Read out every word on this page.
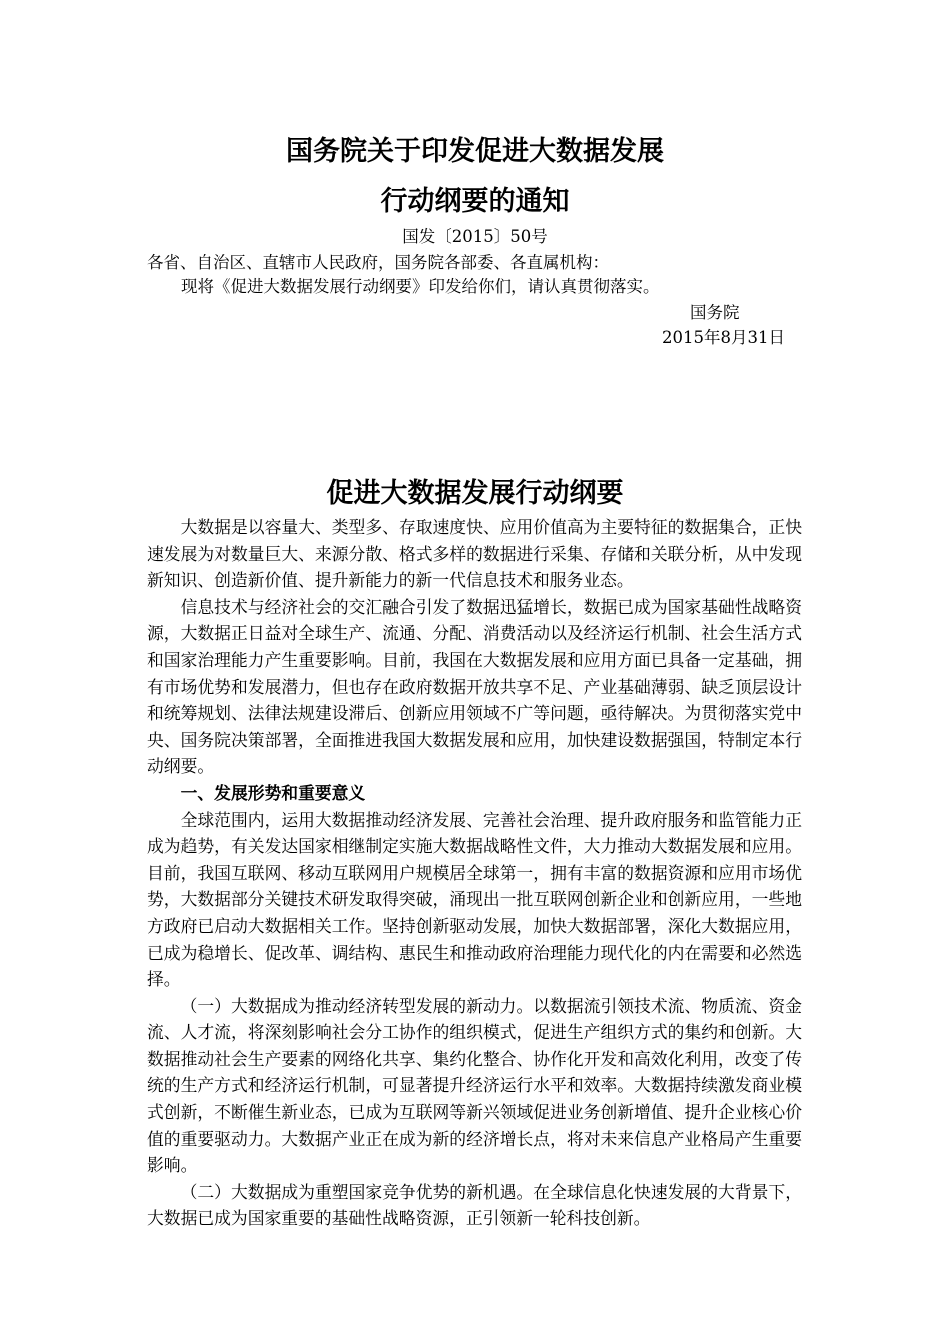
国务院关于印发促进大数据发展
行动纲要的通知
国发〔2015〕50号
各省、自治区、直辖市人民政府，国务院各部委、各直属机构：
现将《促进大数据发展行动纲要》印发给你们，请认真贯彻落实。
国务院
2015年8月31日
促进大数据发展行动纲要

大数据是以容量大、类型多、存取速度快、应用价值高为主要特征的数据集合，正快速发展为对数量巨大、来源分散、格式多样的数据进行采集、存储和关联分析，从中发现新知识、创造新价值、提升新能力的新一代信息技术和服务业态。

信息技术与经济社会的交汇融合引发了数据迅猛增长，数据已成为国家基础性战略资源，大数据正日益对全球生产、流通、分配、消费活动以及经济运行机制、社会生活方式和国家治理能力产生重要影响。目前，我国在大数据发展和应用方面已具备一定基础，拥有市场优势和发展潜力，但也存在政府数据开放共享不足、产业基础薄弱、缺乏顶层设计和统筹规划、法律法规建设滞后、创新应用领域不广等问题，亟待解决。为贯彻落实党中央、国务院决策部署，全面推进我国大数据发展和应用，加快建设数据强国，特制定本行动纲要。

一、发展形势和重要意义

全球范围内，运用大数据推动经济发展、完善社会治理、提升政府服务和监管能力正成为趋势，有关发达国家相继制定实施大数据战略性文件，大力推动大数据发展和应用。目前，我国互联网、移动互联网用户规模居全球第一，拥有丰富的数据资源和应用市场优势，大数据部分关键技术研发取得突破，涌现出一批互联网创新企业和创新应用，一些地方政府已启动大数据相关工作。坚持创新驱动发展，加快大数据部署，深化大数据应用，已成为稳增长、促改革、调结构、惠民生和推动政府治理能力现代化的内在需要和必然选择。

（一）大数据成为推动经济转型发展的新动力。以数据流引领技术流、物质流、资金流、人才流，将深刻影响社会分工协作的组织模式，促进生产组织方式的集约和创新。大数据推动社会生产要素的网络化共享、集约化整合、协作化开发和高效化利用，改变了传统的生产方式和经济运行机制，可显著提升经济运行水平和效率。大数据持续激发商业模式创新，不断催生新业态，已成为互联网等新兴领域促进业务创新增值、提升企业核心价值的重要驱动力。大数据产业正在成为新的经济增长点，将对未来信息产业格局产生重要影响。

（二）大数据成为重塑国家竞争优势的新机遇。在全球信息化快速发展的大背景下，大数据已成为国家重要的基础性战略资源，正引领新一轮科技创新。
